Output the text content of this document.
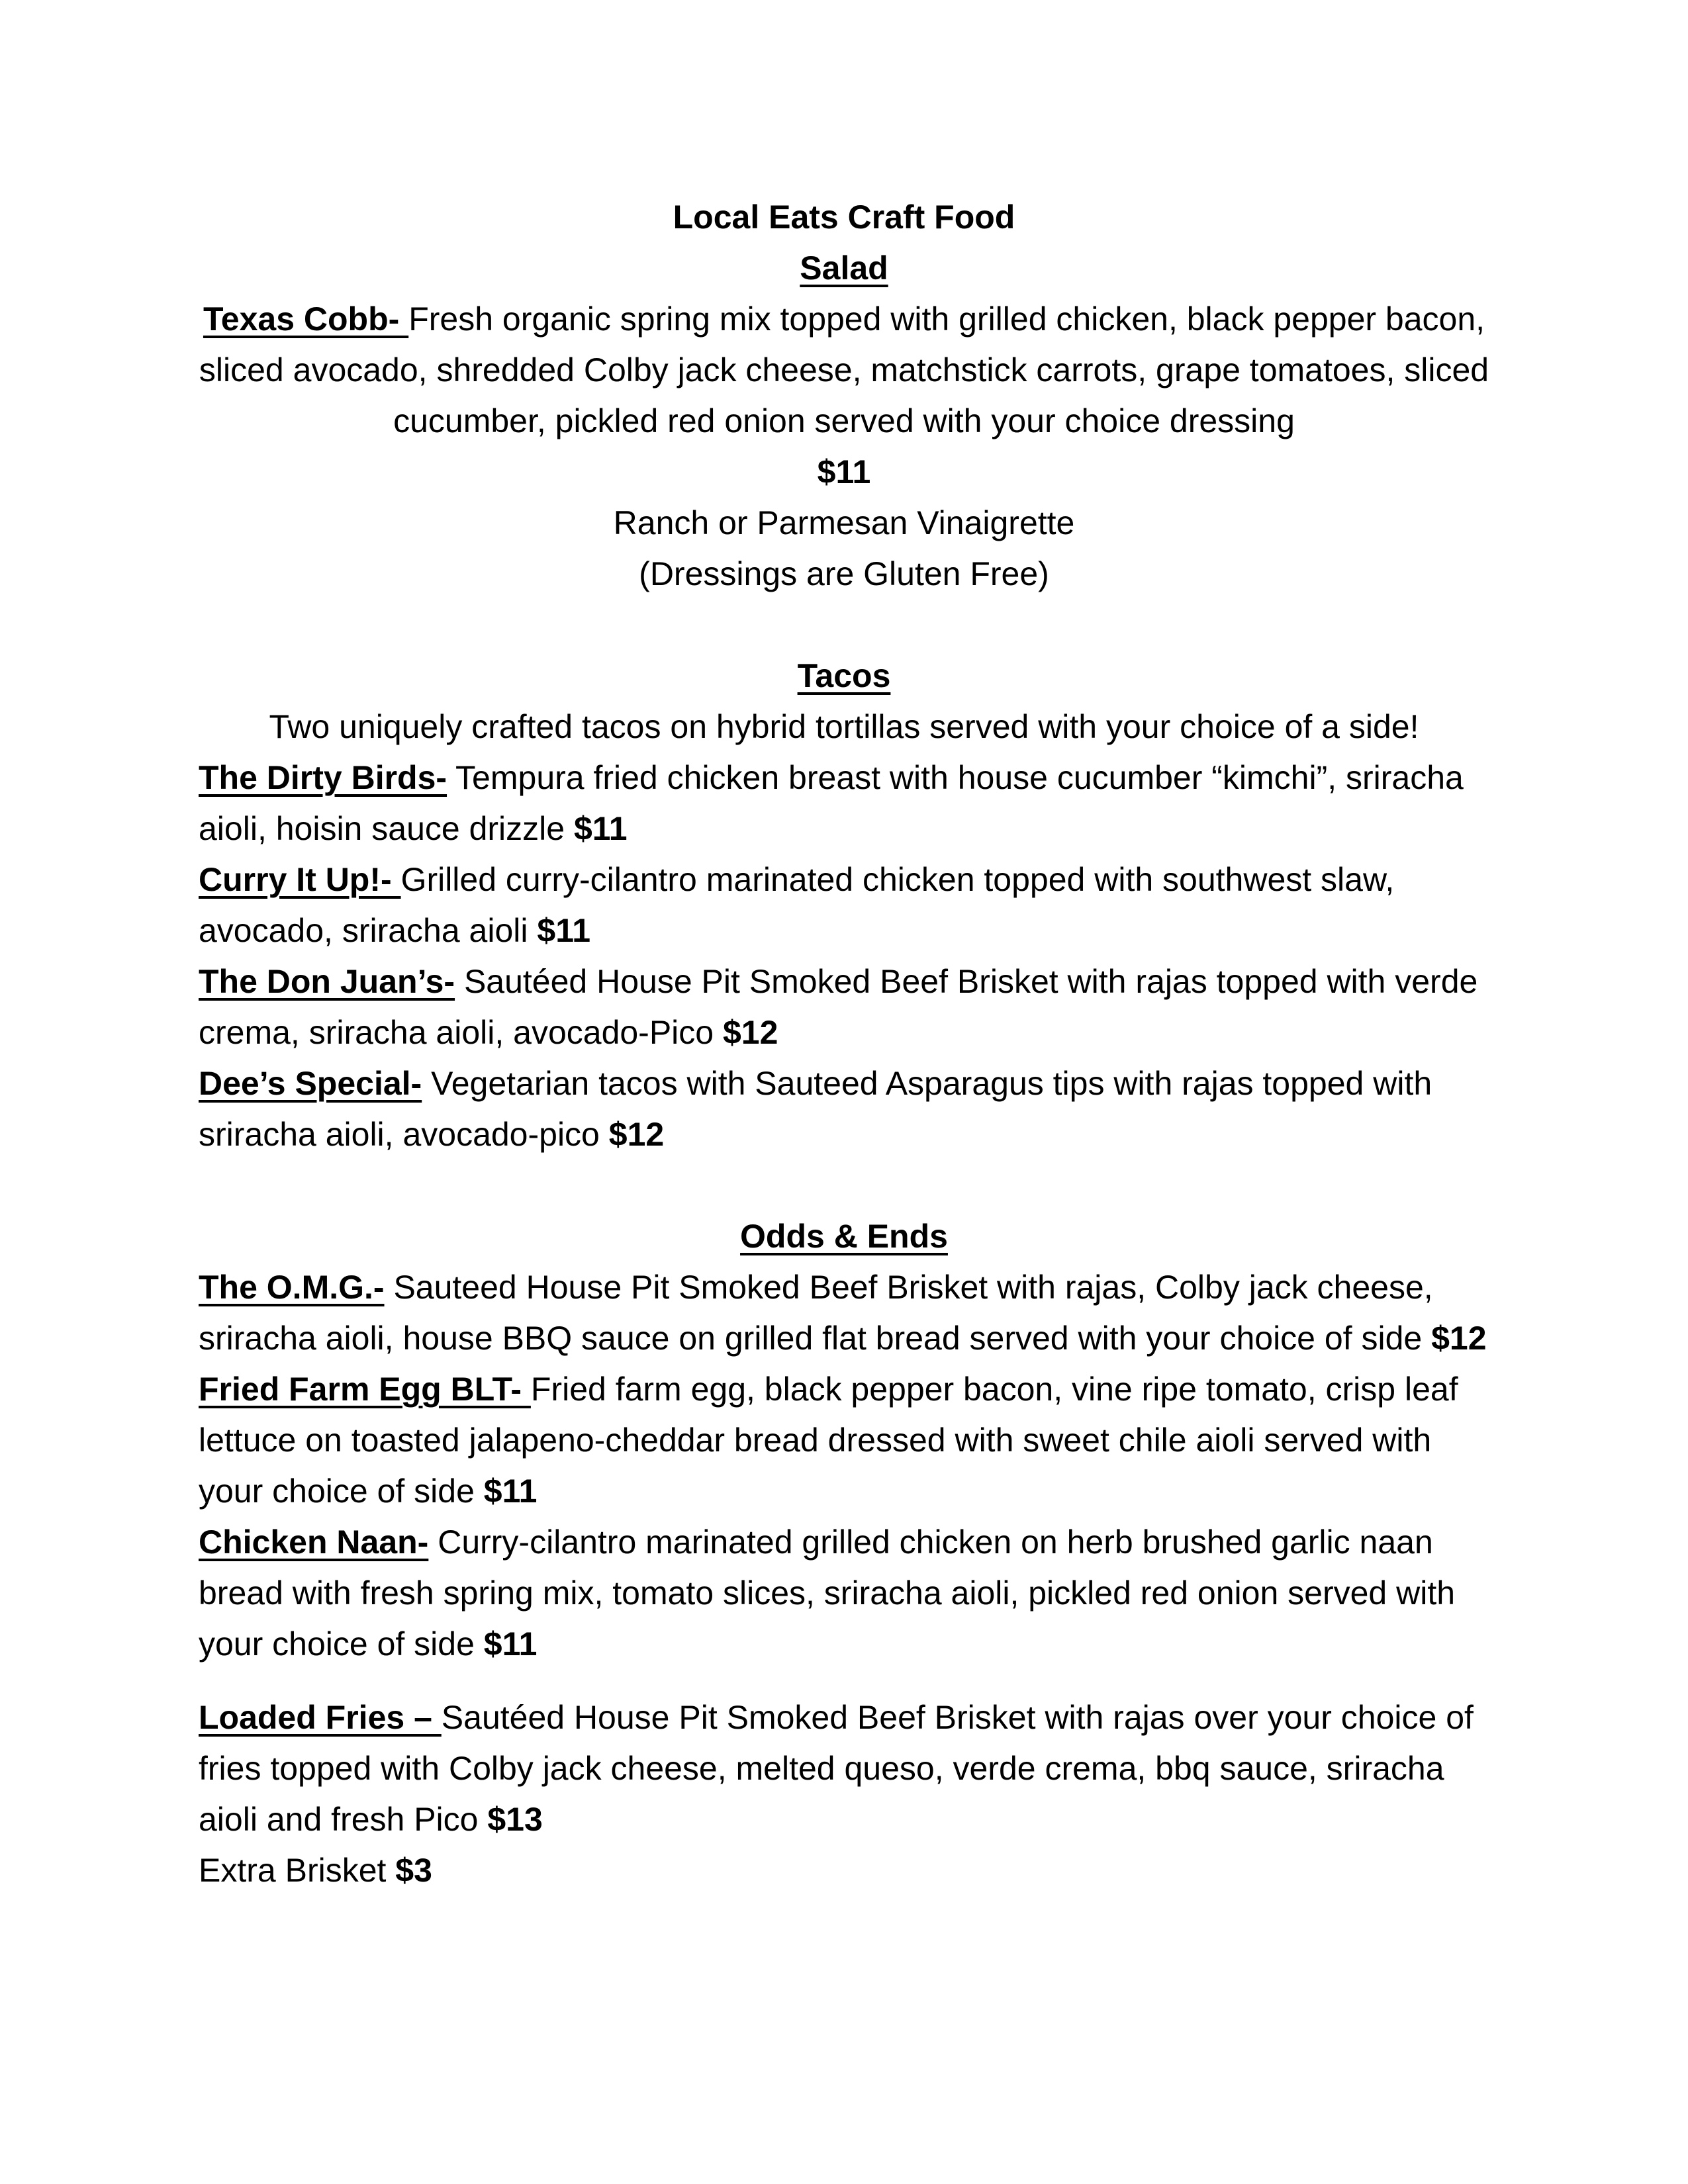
Local Eats Craft Food

Salad

Texas Cobb- Fresh organic spring mix topped with grilled chicken, black pepper bacon, sliced avocado, shredded Colby jack cheese, matchstick carrots, grape tomatoes, sliced cucumber, pickled red onion served with your choice dressing

$11

Ranch or Parmesan Vinaigrette

(Dressings are Gluten Free)

Tacos

Two uniquely crafted tacos on hybrid tortillas served with your choice of a side!

The Dirty Birds- Tempura fried chicken breast with house cucumber “kimchi”, sriracha aioli, hoisin sauce drizzle $11

Curry It Up!- Grilled curry-cilantro marinated chicken topped with southwest slaw, avocado, sriracha aioli $11

The Don Juan’s- Sautéed House Pit Smoked Beef Brisket with rajas topped with verde crema, sriracha aioli, avocado-Pico $12

Dee’s Special- Vegetarian tacos with Sauteed Asparagus tips with rajas topped with sriracha aioli, avocado-pico $12

Odds & Ends

The O.M.G.- Sauteed House Pit Smoked Beef Brisket with rajas, Colby jack cheese, sriracha aioli, house BBQ sauce on grilled flat bread served with your choice of side $12

Fried Farm Egg BLT- Fried farm egg, black pepper bacon, vine ripe tomato, crisp leaf lettuce on toasted jalapeno-cheddar bread dressed with sweet chile aioli served with your choice of side $11

Chicken Naan- Curry-cilantro marinated grilled chicken on herb brushed garlic naan bread with fresh spring mix, tomato slices, sriracha aioli, pickled red onion served with your choice of side $11

Loaded Fries – Sautéed House Pit Smoked Beef Brisket with rajas over your choice of fries topped with Colby jack cheese, melted queso, verde crema, bbq sauce, sriracha aioli and fresh Pico $13

Extra Brisket $3
